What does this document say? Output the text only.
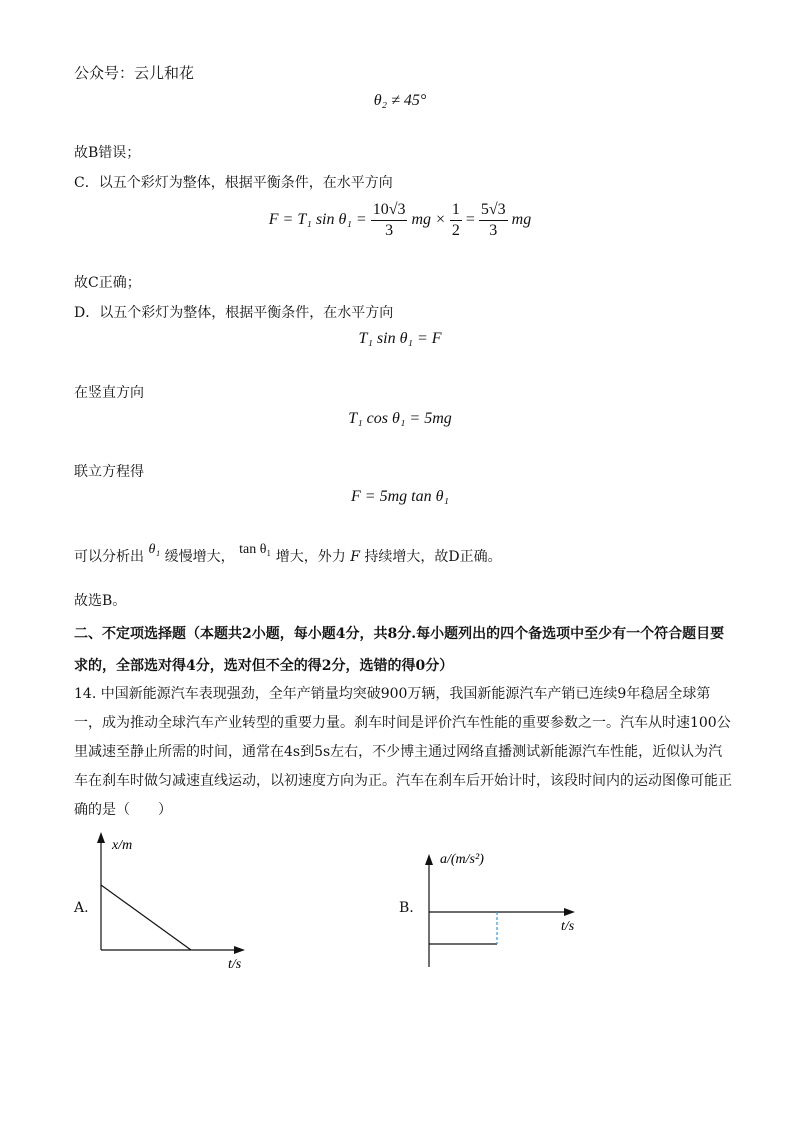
公众号：云儿和花
θ₂ ≠ 45°
故B错误；
C．以五个彩灯为整体，根据平衡条件，在水平方向
F = T₁ $\sin \theta_1 = \frac{10√3}{3}$ mg × $\frac{1}{2} = \frac{5√3}{3}$ mg
故C正确；
D．以五个彩灯为整体，根据平衡条件，在水平方向
T₁ sin θ₁ = F
在竖直方向
T₁ cos θ₁ = 5mg
联立方程得
F = 5mg tan θ₁
可以分析出 θ₁ 缓慢增大， tan θ₁ 增大，外力 F 持续增大，故D正确。
故选B。
二、不定项选择题（本题共2小题，每小题4分，共8分.每小题列出的四个备选项中至少有一个符合题目要求的，全部选对得4分，选对但不全的得2分，选错的得0分）
14. 中国新能源汽车表现强劲，全年产销量均突破900万辆，我国新能源汽车产销已连续9年稳居全球第一，成为推动全球汽车产业转型的重要力量。刹车时间是评价汽车性能的重要参数之一。汽车从时速100公里减速至静止所需的时间，通常在4s到5s左右，不少博主通过网络直播测试新能源汽车性能，近似认为汽车在刹车时做匀减速直线运动，以初速度方向为正。汽车在刹车后开始计时，该段时间内的运动图像可能正确的是（　　）
A.
x/m
t/s
B.
a/(m/s²)
t/s
